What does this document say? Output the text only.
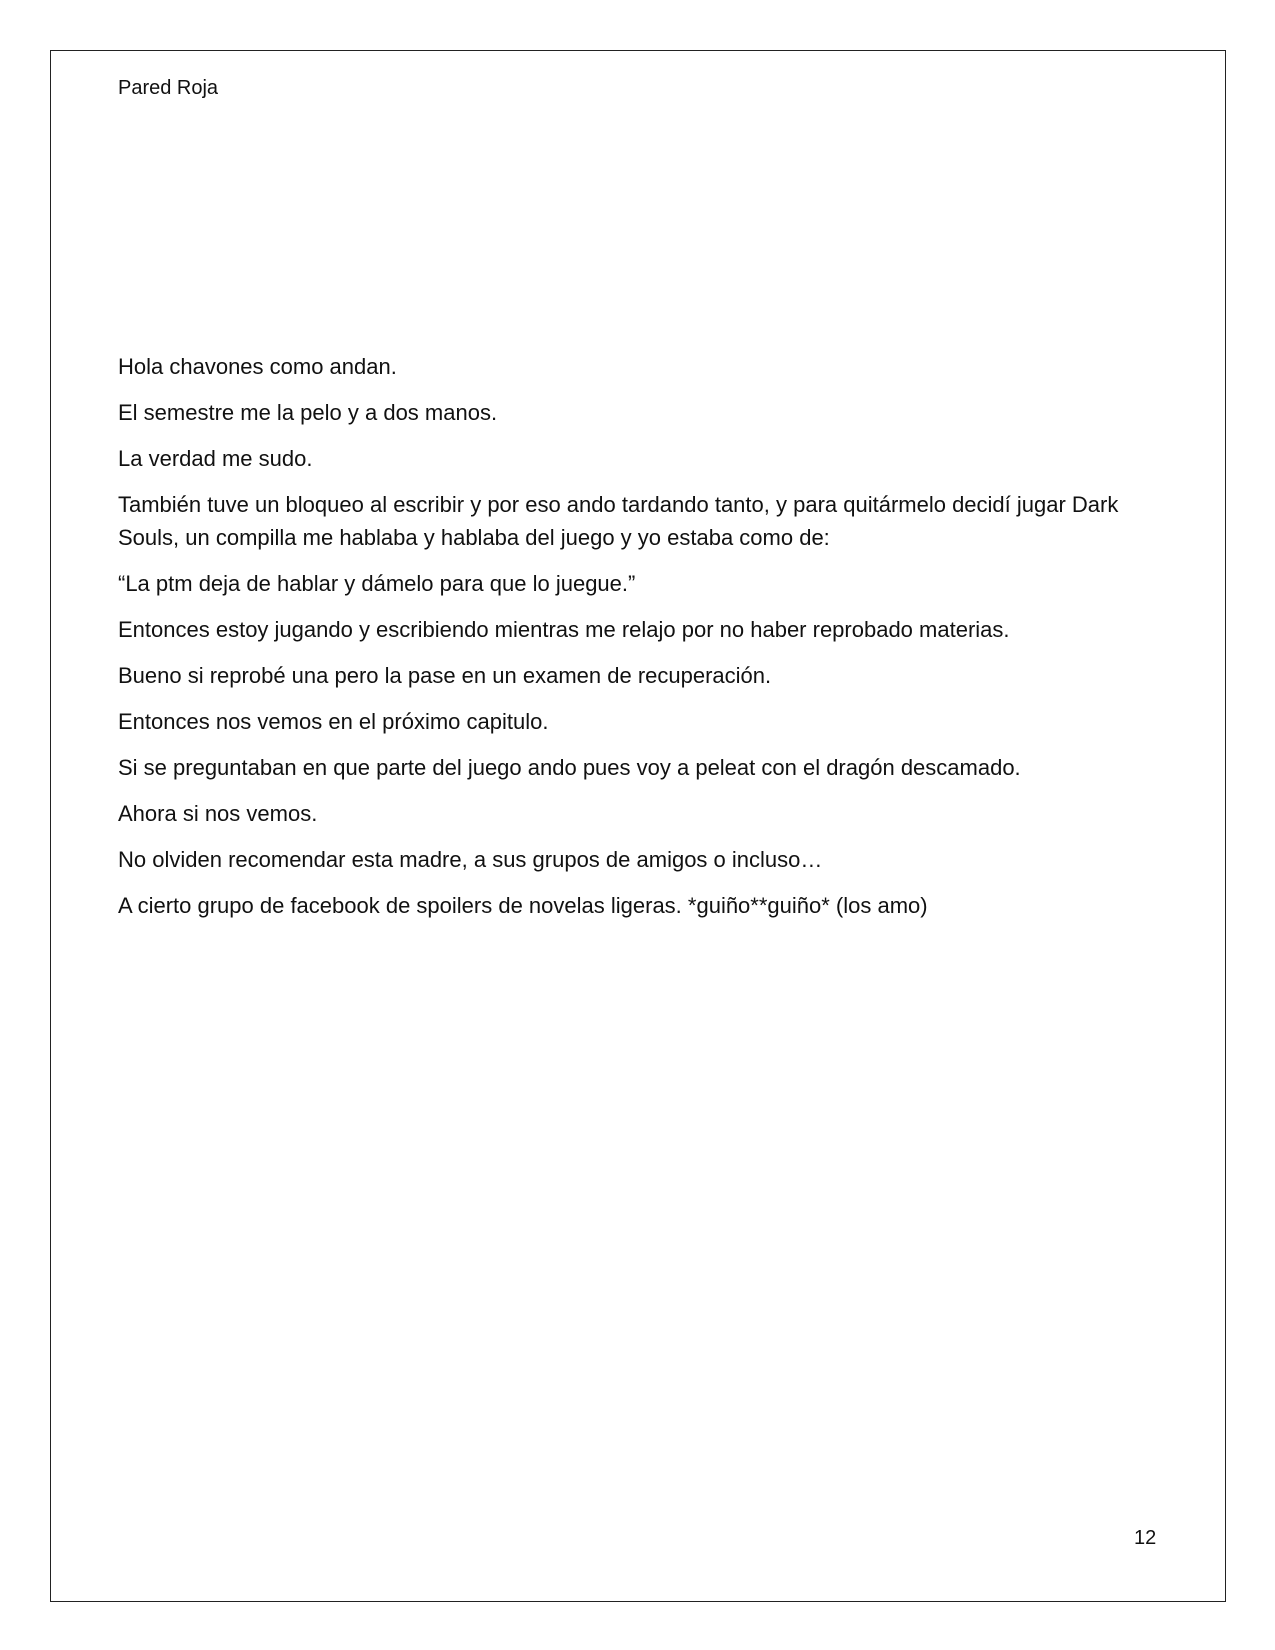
Pared Roja

Hola chavones como andan.

El semestre me la pelo y a dos manos.

La verdad me sudo.

También tuve un bloqueo al escribir y por eso ando tardando tanto, y para quitármelo decidí jugar Dark Souls, un compilla me hablaba y hablaba del juego y yo estaba como de:

“La ptm deja de hablar y dámelo para que lo juegue.”

Entonces estoy jugando y escribiendo mientras me relajo por no haber reprobado materias.

Bueno si reprobé una pero la pase en un examen de recuperación.

Entonces nos vemos en el próximo capitulo.

Si se preguntaban en que parte del juego ando pues voy a peleat con el dragón descamado.

Ahora si nos vemos.

No olviden recomendar esta madre, a sus grupos de amigos o incluso…

A cierto grupo de facebook de spoilers de novelas ligeras. *guiño**guiño* (los amo)

12
